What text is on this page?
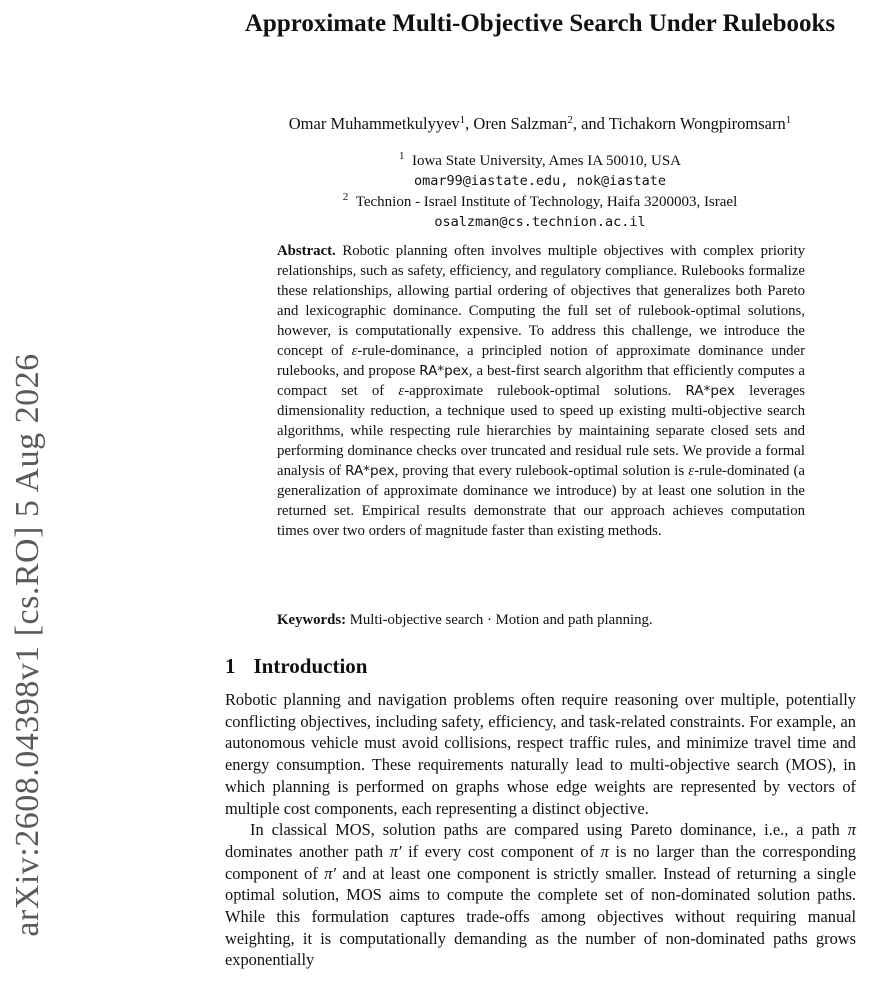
arXiv:2608.04398v1 [cs.RO] 5 Aug 2026
Approximate Multi-Objective Search Under Rulebooks
Omar Muhammetkulyyev$^1$, Oren Salzman$^2$, and Tichakorn Wongpiromsarn$^1$
$^1$ Iowa State University, Ames IA 50010, USA
omar99@iastate.edu, nok@iastate
$^2$ Technion - Israel Institute of Technology, Haifa 3200003, Israel
osalzman@cs.technion.ac.il
Abstract. Robotic planning often involves multiple objectives with complex priority relationships, such as safety, efficiency, and regulatory compliance. Rulebooks formalize these relationships, allowing partial ordering of objectives that generalizes both Pareto and lexicographic dominance. Computing the full set of rulebook-optimal solutions, however, is computationally expensive. To address this challenge, we introduce the concept of ε-rule-dominance, a principled notion of approximate dominance under rulebooks, and propose RA*pex, a best-first search algorithm that efficiently computes a compact set of ε-approximate rulebook-optimal solutions. RA*pex leverages dimensionality reduction, a technique used to speed up existing multi-objective search algorithms, while respecting rule hierarchies by maintaining separate closed sets and performing dominance checks over truncated and residual rule sets. We provide a formal analysis of RA*pex, proving that every rulebook-optimal solution is ε-rule-dominated (a generalization of approximate dominance we introduce) by at least one solution in the returned set. Empirical results demonstrate that our approach achieves computation times over two orders of magnitude faster than existing methods.
Keywords: Multi-objective search · Motion and path planning.
1 Introduction

Robotic planning and navigation problems often require reasoning over multiple, potentially conflicting objectives, including safety, efficiency, and task-related constraints. For example, an autonomous vehicle must avoid collisions, respect traffic rules, and minimize travel time and energy consumption. These requirements naturally lead to multi-objective search (MOS), in which planning is performed on graphs whose edge weights are represented by vectors of multiple cost components, each representing a distinct objective.

In classical MOS, solution paths are compared using Pareto dominance, i.e., a path π dominates another path π′ if every cost component of π is no larger than the corresponding component of π′ and at least one component is strictly smaller. Instead of returning a single optimal solution, MOS aims to compute the complete set of non-dominated solution paths. While this formulation captures trade-offs among objectives without requiring manual weighting, it is computationally demanding as the number of non-dominated paths grows exponentially
